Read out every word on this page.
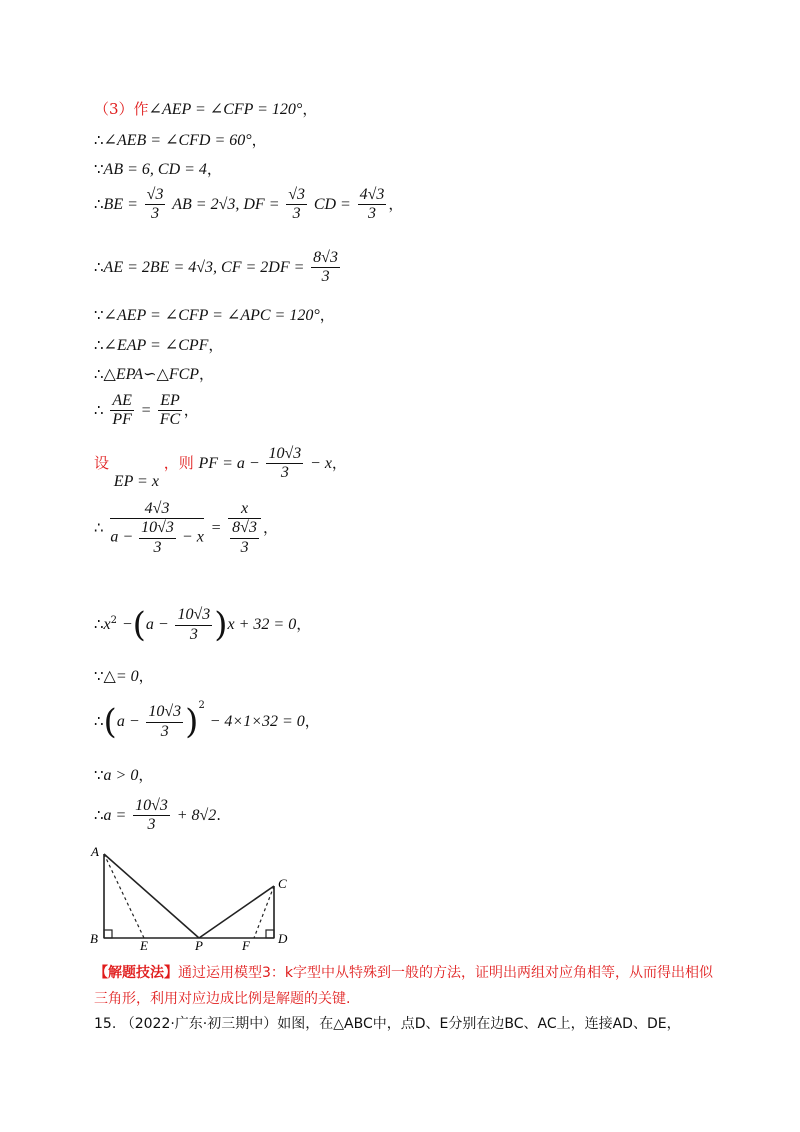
（3）作∠AEP = ∠CFP = 120°，
∴∠AEB = ∠CFD = 60°，
∵AB = 6, CD = 4，
∴BE = $\frac{√3}{3}$ AB = 2√3, DF = $\frac{√3}{3}$ CD = $\frac{4√3}{3}$ ，
∴AE = 2BE = 4√3, CF = $2DF = \frac{8√3}{3}$
∵∠AEP = ∠CFP = ∠APC = 120°，
∴∠EAP = ∠CPF，
∴△EPA∽△FCP，
∴ $\frac{AE}{PF} = \frac{EP}{FC}$ ，
设 EP = x ，则 PF = $a - \frac{10√3}{3} - x$，
∴ $\frac{4√3}{a - \frac{10√3}{3} - x} = \frac{x}{\frac{8√3}{3}}$ ，
$\therefore x^2 -(a - \frac{10√3}{3} )x + 32 = 0$，
∵△= 0，
∴(a − $\frac{10√3}{3} )^2 - 4\times 1\times 32 = 0$，
∵a > 0，
∴a = $\frac{10√3}{3} + 8√2$.
A
B	E	P	F
C
D
【解题技法】通过运用模型3：k字型中从特殊到一般的方法，证明出两组对应角相等，从而得出相似三角形，利用对应边成比例是解题的关键.
15. （2022·广东·初三期中）如图，在△ABC中，点D、E分别在边BC、AC上，连接AD、DE，
